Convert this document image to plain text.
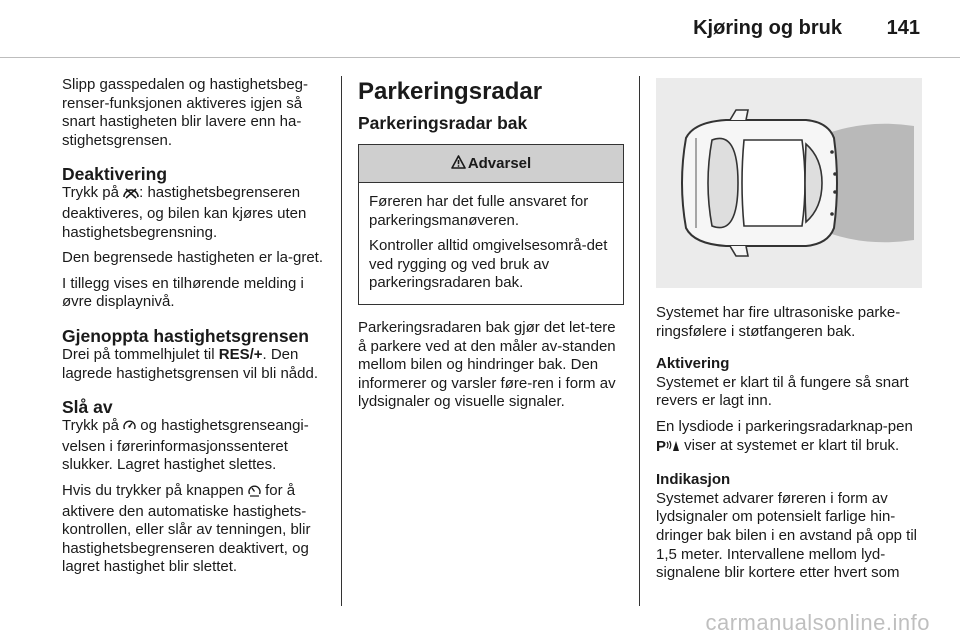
Kjøring og bruk 141

Slipp gasspedalen og hastighetsbeg-renser-funksjonen aktiveres igjen så snart hastigheten blir lavere enn ha-stighetsgrensen.

Deaktivering

Trykk på : hastighetsbegrenseren deaktiveres, og bilen kan kjøres uten hastighetsbegrensning.

Den begrensede hastigheten er la-gret.

I tillegg vises en tilhørende melding i øvre displaynivå.

Gjenoppta hastighetsgrensen

Drei på tommelhjulet til RES/+. Den lagrede hastighetsgrensen vil bli nådd.

Slå av

Trykk på og hastighetsgrenseangi-velsen i førerinformasjonssenteret slukker. Lagret hastighet slettes.

Hvis du trykker på knappen for å aktivere den automatiske hastighets-kontrollen, eller slår av tenningen, blir hastighetsbegrenseren deaktivert, og lagret hastighet blir slettet.

Parkeringsradar
Parkeringsradar bak
Advarsel

Føreren har det fulle ansvaret for parkeringsmanøveren.

Kontroller alltid omgivelsesområ-det ved rygging og ved bruk av parkeringsradaren bak.

Parkeringsradaren bak gjør det let-tere å parkere ved at den måler av-standen mellom bilen og hindringer bak. Den informerer og varsler føre-ren i form av lydsignaler og visuelle signaler.

Systemet har fire ultrasoniske parke-ringsfølere i støtfangeren bak.

Aktivering

Systemet er klart til å fungere så snart revers er lagt inn.

En lysdiode i parkeringsradarknap-pen
P viser at systemet er klart til bruk.

Indikasjon

Systemet advarer føreren i form av lydsignaler om potensielt farlige hin-dringer bak bilen i en avstand på opp til 1,5 meter. Intervallene mellom lyd-signalene blir kortere etter hvert som

carmanualsonline.info
